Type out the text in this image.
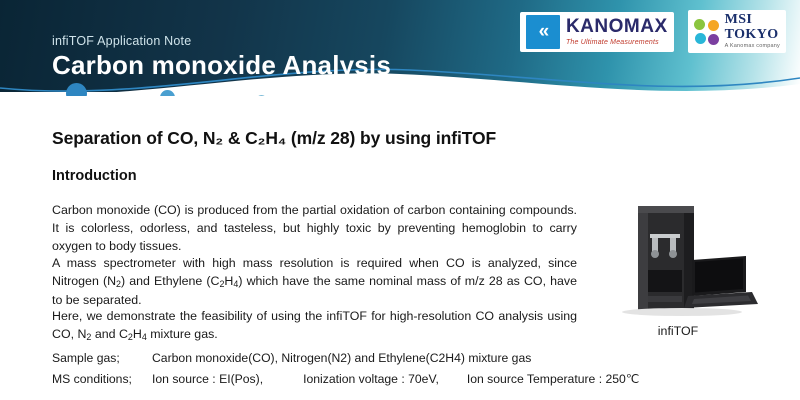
infiTOF Application Note
Carbon monoxide Analysis
« KANOMAX
The Ultimate Measurements
MSI
TOKYO
A Kanomax company
Separation of CO, N₂ & C₂H₄ (m/z 28) by using infiTOF
Introduction

Carbon monoxide (CO) is produced from the partial oxidation of carbon containing compounds. It is colorless, odorless, and tasteless, but highly toxic by preventing hemoglobin to carry oxygen to body tissues.

A mass spectrometer with high mass resolution is required when CO is analyzed, since Nitrogen $(N_2)$ and Ethylene $(C_2H_4)$ which have the same nominal mass of m/z 28 as CO, have to be separated.

Here, we demonstrate the feasibility of using the infiTOF for high-resolution CO analysis using CO, $N_2$ and $C_2H_4$ mixture gas.

Sample gas;	Carbon monoxide(CO), Nitrogen(N2) and Ethylene(C2H4) mixture gas
MS conditions; Ion source : EI(Pos),	Ionization voltage : 70eV, Ion source Temperature : 250℃
infiTOF
